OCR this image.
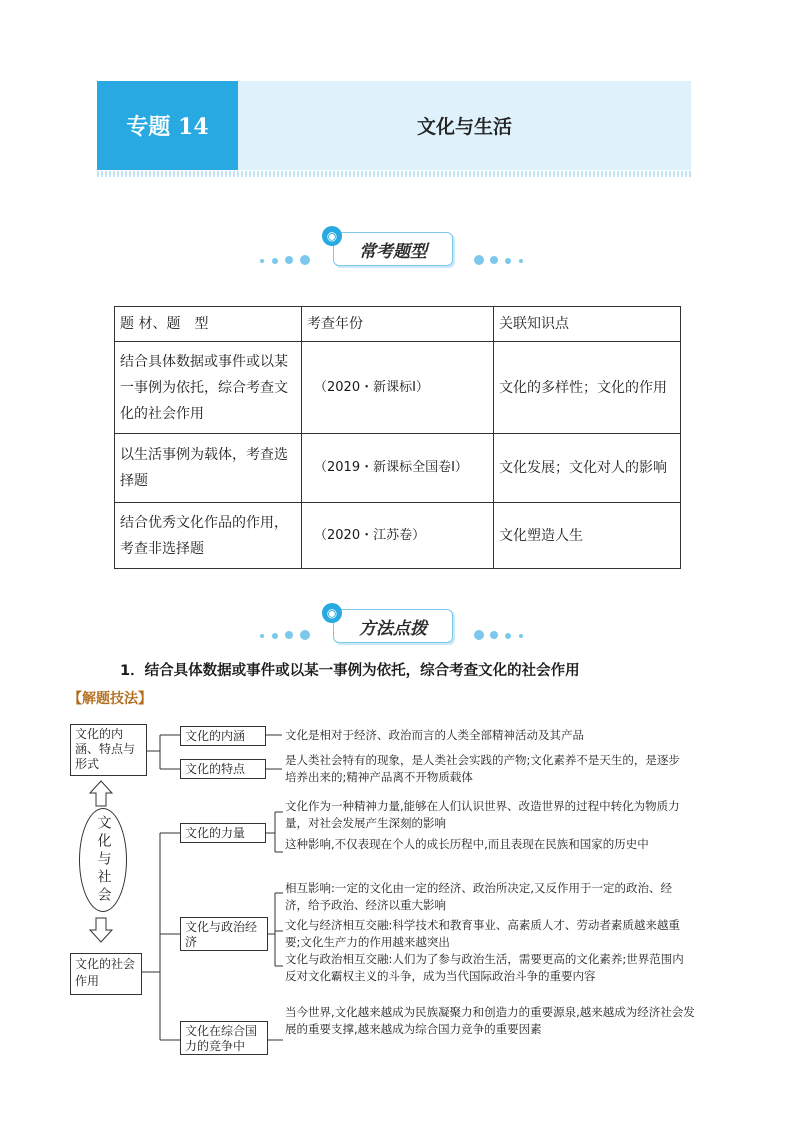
专题 14	文化与生活
常考题型
◉
题 材、题　型	考查年份	关联知识点
结合具体数据或事件或以某一事例为依托，综合考查文化的社会作用	（2020・新课标Ⅰ）	文化的多样性；文化的作用
以生活事例为载体，考查选择题	（2019・新课标全国卷Ⅰ）	文化发展；文化对人的影响
结合优秀文化作品的作用，考查非选择题	（2020・江苏卷）	文化塑造人生
方法点拨
◉
1．结合具体数据或事件或以某一事例为依托，综合考查文化的社会作用
【解题技法】
文化的内涵、特点与形式
文化与社会
文化的社会作用
文化的内涵
文化的特点
文化的力量
文化与政治经济
文化在综合国力的竞争中
文化是相对于经济、政治而言的人类全部精神活动及其产品
是人类社会特有的现象，是人类社会实践的产物;文化素养不是天生的，是逐步培养出来的;精神产品离不开物质载体
文化作为一种精神力量,能够在人们认识世界、改造世界的过程中转化为物质力量，对社会发展产生深刻的影响
这种影响,不仅表现在个人的成长历程中,而且表现在民族和国家的历史中
相互影响:一定的文化由一定的经济、政治所决定,又反作用于一定的政治、经济，给予政治、经济以重大影响
文化与经济相互交融:科学技术和教育事业、高素质人才、劳动者素质越来越重要;文化生产力的作用越来越突出
文化与政治相互交融:人们为了参与政治生活，需要更高的文化素养;世界范围内反对文化霸权主义的斗争，成为当代国际政治斗争的重要内容
当今世界,文化越来越成为民族凝聚力和创造力的重要源泉,越来越成为经济社会发展的重要支撑,越来越成为综合国力竞争的重要因素
